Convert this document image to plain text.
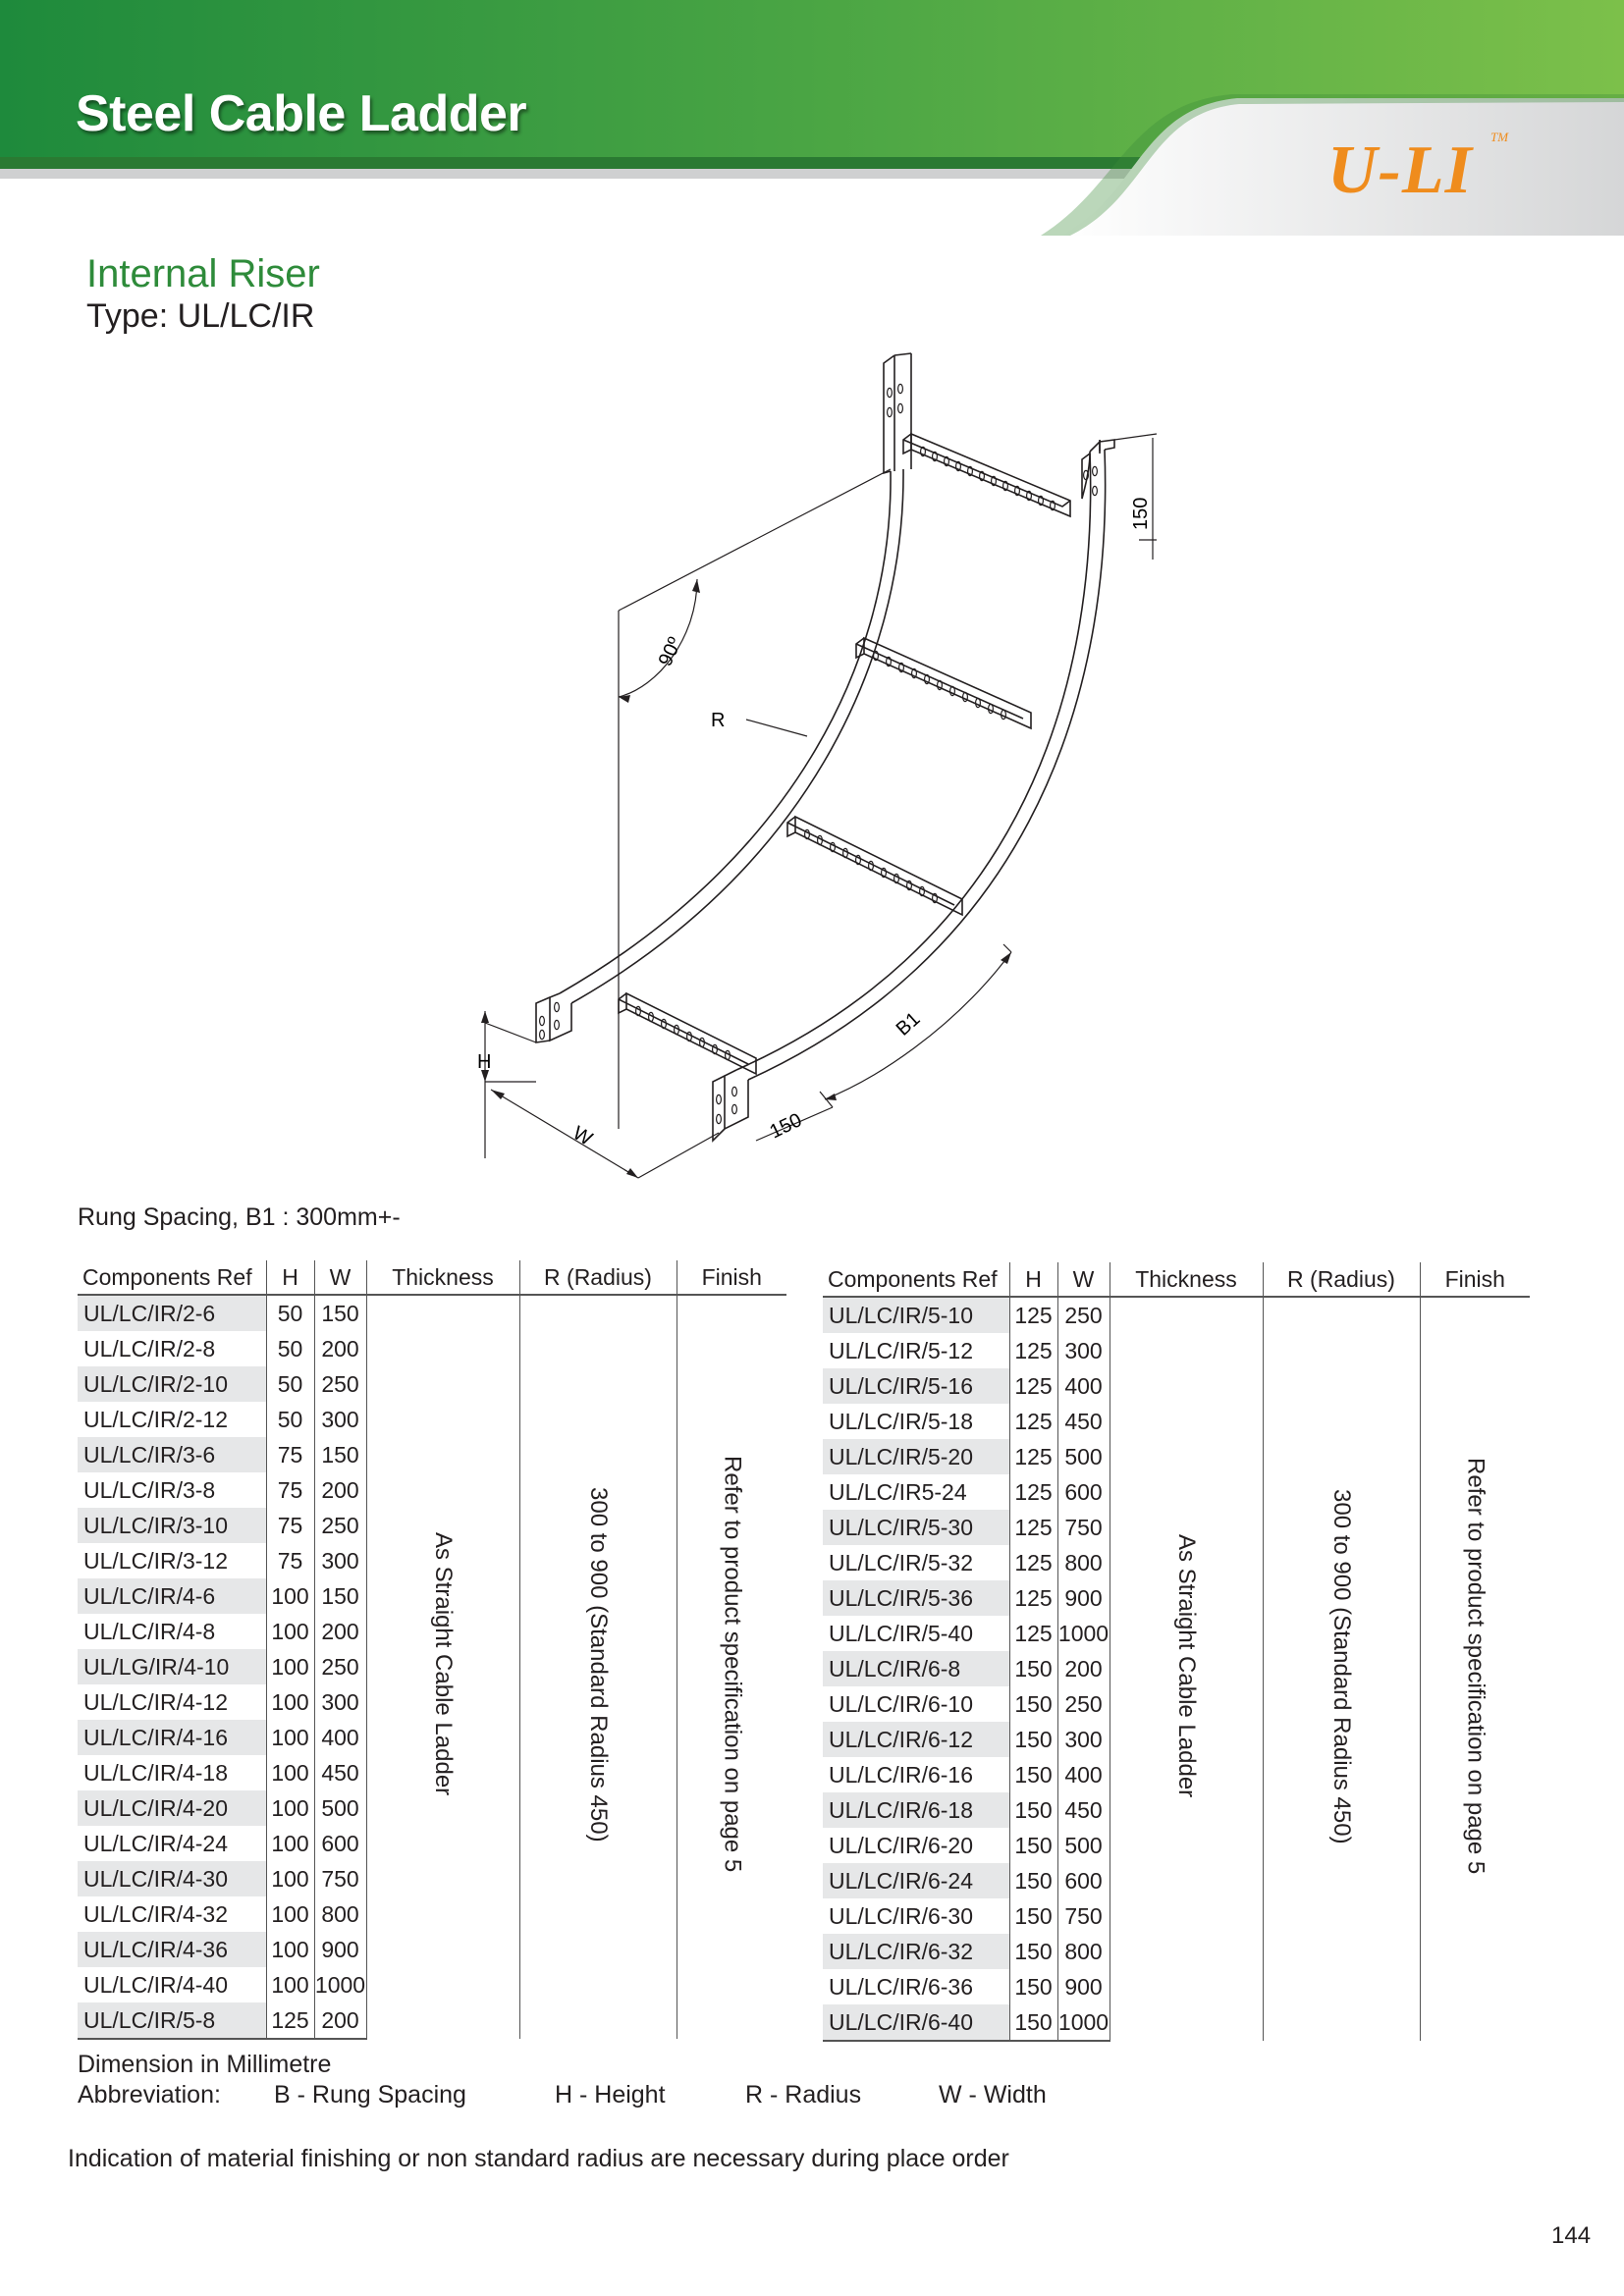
Steel Cable Ladder
U-LI TM
Internal Riser
Type: UL/LC/IR
90º
R
B1
H
W	150
150
Rung Spacing, B1 : 300mm+-
Components Ref	H	W	Thickness	R (Radius)	Finish
UL/LC/IR/2-6	50	150	As Straight Cable Ladder	300 to 900 (Standard Radius 450)	Refer to product specification on page 5
UL/LC/IR/2-8	50	200			
UL/LC/IR/2-10	50	250			
UL/LC/IR/2-12	50	300			
UL/LC/IR/3-6	75	150			
UL/LC/IR/3-8	75	200			
UL/LC/IR/3-10	75	250			
UL/LC/IR/3-12	75	300			
UL/LC/IR/4-6	100	150			
UL/LC/IR/4-8	100	200			
UL/LG/IR/4-10	100	250			
UL/LC/IR/4-12	100	300			
UL/LC/IR/4-16	100	400			
UL/LC/IR/4-18	100	450			
UL/LC/IR/4-20	100	500			
UL/LC/IR/4-24	100	600			
UL/LC/IR/4-30	100	750			
UL/LC/IR/4-32	100	800			
UL/LC/IR/4-36	100	900			
UL/LC/IR/4-40	100	1000			
UL/LC/IR/5-8	125	200			
Components Ref	H	W	Thickness	R (Radius)	Finish
UL/LC/IR/5-10	125	250	As Straight Cable Ladder	300 to 900 (Standard Radius 450)	Refer to product specification on page 5
UL/LC/IR/5-12	125	300			
UL/LC/IR/5-16	125	400			
UL/LC/IR/5-18	125	450			
UL/LC/IR/5-20	125	500			
UL/LC/IR5-24	125	600			
UL/LC/IR/5-30	125	750			
UL/LC/IR/5-32	125	800			
UL/LC/IR/5-36	125	900			
UL/LC/IR/5-40	125	1000			
UL/LC/IR/6-8	150	200			
UL/LC/IR/6-10	150	250			
UL/LC/IR/6-12	150	300			
UL/LC/IR/6-16	150	400			
UL/LC/IR/6-18	150	450			
UL/LC/IR/6-20	150	500			
UL/LC/IR/6-24	150	600			
UL/LC/IR/6-30	150	750			
UL/LC/IR/6-32	150	800			
UL/LC/IR/6-36	150	900			
UL/LC/IR/6-40	150	1000			
Dimension in Millimetre
Abbreviation: B - Rung Spacing	H - Height	R - Radius	W - Width
Indication of material finishing or non standard radius are necessary during place order
144
